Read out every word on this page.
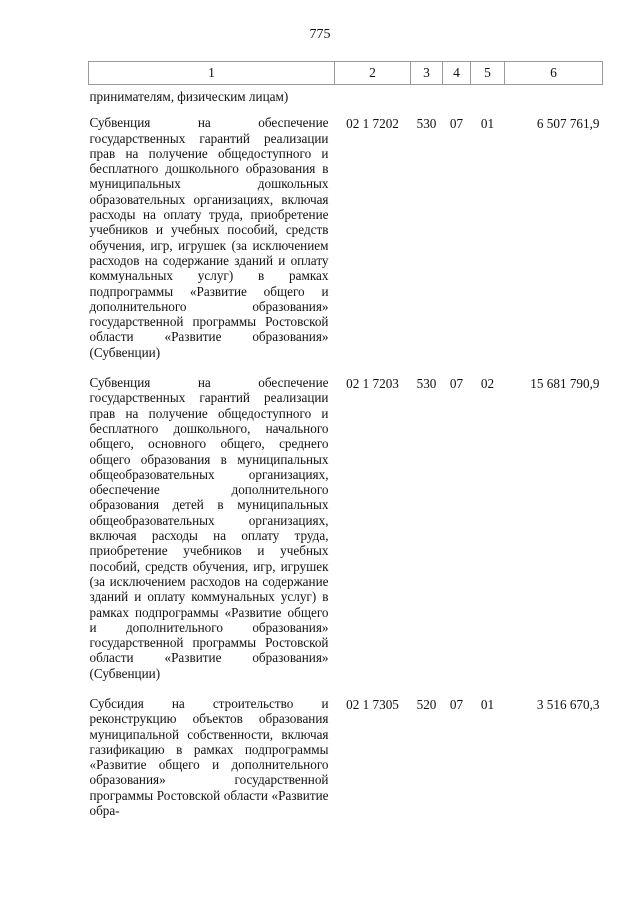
775
1	2	3	4	5	6
принимателям, физическим лицам)					
Субвенция на обеспечение государственных гарантий реализации прав на получение общедоступного и бесплатного дошкольного образования в муниципальных дошкольных образовательных организациях, включая расходы на оплату труда, приобретение учебников и учебных пособий, средств обучения, игр, игрушек (за исключением расходов на содержание зданий и оплату коммунальных услуг) в рамках подпрограммы «Развитие общего и дополнительного образования» государственной программы Ростовской области «Развитие образования» (Субвенции)	02 1 7202	530	07	01	6 507 761,9
Субвенция на обеспечение государственных гарантий реализации прав на получение общедоступного и бесплатного дошкольного, начального общего, основного общего, среднего общего образования в муниципальных общеобразовательных организациях, обеспечение дополнительного образования детей в муниципальных общеобразовательных организациях, включая расходы на оплату труда, приобретение учебников и учебных пособий, средств обучения, игр, игрушек (за исключением расходов на содержание зданий и оплату коммунальных услуг) в рамках подпрограммы «Развитие общего и дополнительного образования» государственной программы Ростовской области «Развитие образования» (Субвенции)	02 1 7203	530	07	02	15 681 790,9
Субсидия на строительство и реконструкцию объектов образования муниципальной собственности, включая газификацию в рамках подпрограммы «Развитие общего и дополнительного образования» государственной программы Ростовской области «Развитие обра-	02 1 7305	520	07	01	3 516 670,3
